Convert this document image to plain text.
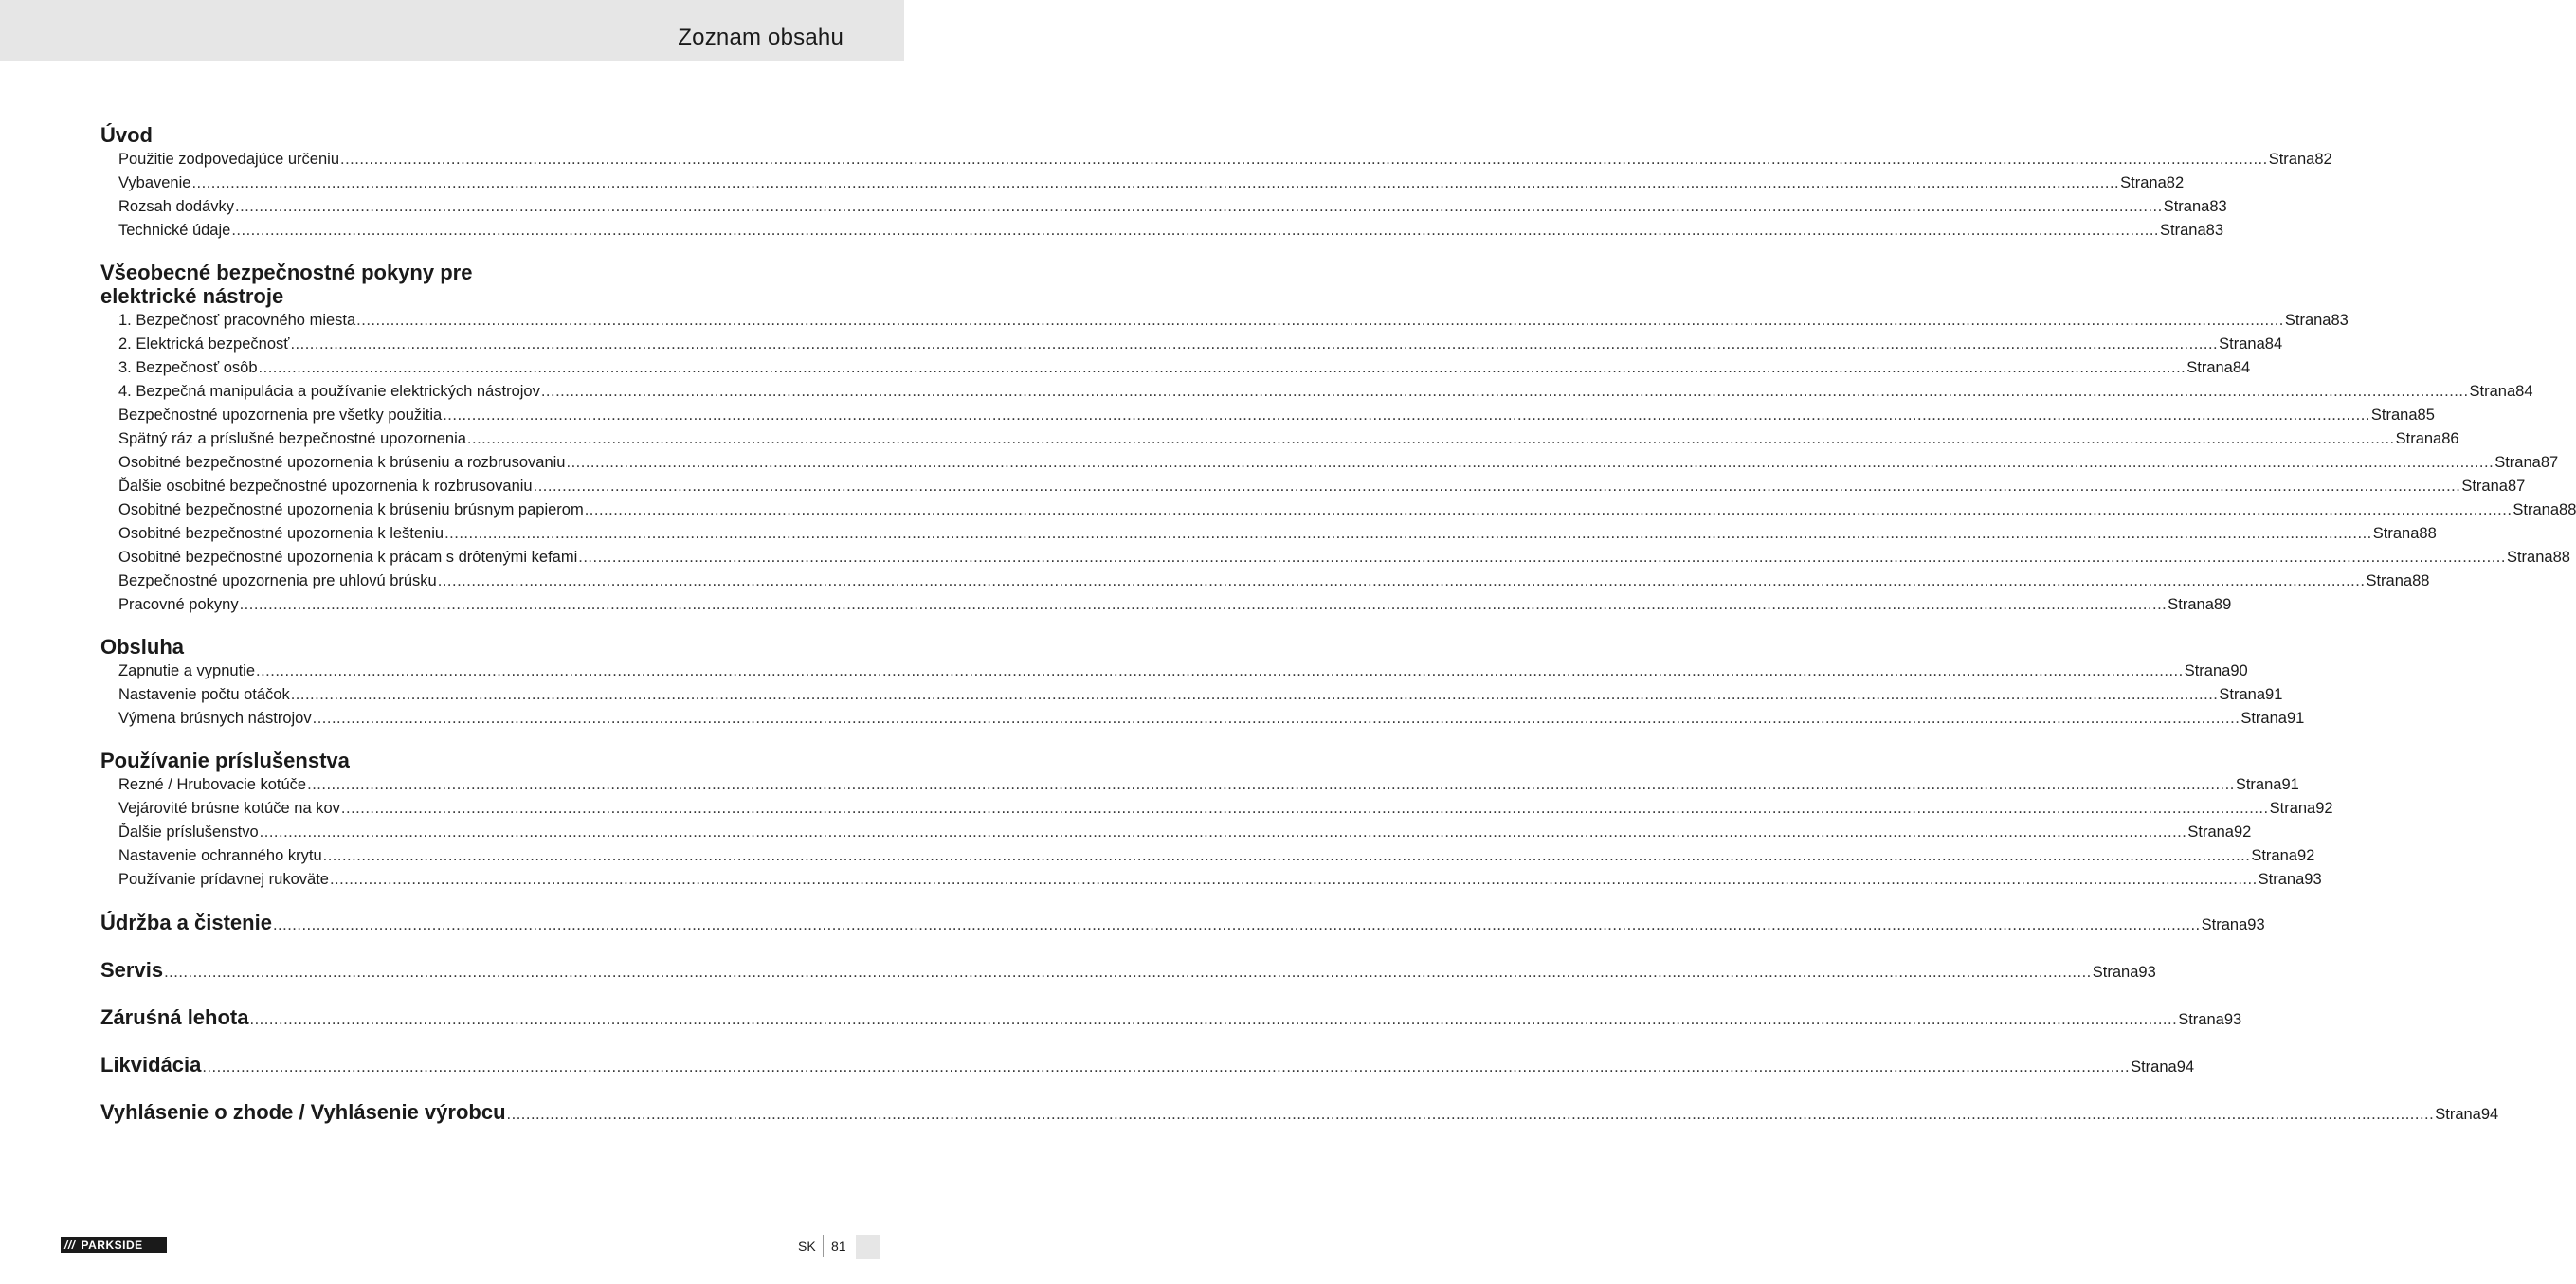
Zoznam obsahu
Úvod
Použitie zodpovedajúce určeniu ................................................................................................................................................................................................................................................................................................................................................................................................................ Strana 82
Vybavenie ................................................................................................................................................................................................................................................................................................................................................................................................................ Strana 82
Rozsah dodávky ................................................................................................................................................................................................................................................................................................................................................................................................................ Strana 83
Technické údaje ................................................................................................................................................................................................................................................................................................................................................................................................................ Strana 83
Všeobecné bezpečnostné pokyny pre
elektrické nástroje
1. Bezpečnosť pracovného miesta ................................................................................................................................................................................................................................................................................................................................................................................................................ Strana 83
2. Elektrická bezpečnosť ................................................................................................................................................................................................................................................................................................................................................................................................................ Strana 84
3. Bezpečnosť osôb ................................................................................................................................................................................................................................................................................................................................................................................................................ Strana 84
4. Bezpečná manipulácia a používanie elektrických nástrojov ................................................................................................................................................................................................................................................................................................................................................................................................................ Strana 84
Bezpečnostné upozornenia pre všetky použitia ................................................................................................................................................................................................................................................................................................................................................................................................................ Strana 85
Spätný ráz a príslušné bezpečnostné upozornenia ................................................................................................................................................................................................................................................................................................................................................................................................................ Strana 86
Osobitné bezpečnostné upozornenia k brúseniu a rozbrusovaniu ................................................................................................................................................................................................................................................................................................................................................................................................................ Strana 87
Ďalšie osobitné bezpečnostné upozornenia k rozbrusovaniu ................................................................................................................................................................................................................................................................................................................................................................................................................ Strana 87
Osobitné bezpečnostné upozornenia k brúseniu brúsnym papierom ................................................................................................................................................................................................................................................................................................................................................................................................................ Strana 88
Osobitné bezpečnostné upozornenia k lešteniu ................................................................................................................................................................................................................................................................................................................................................................................................................ Strana 88
Osobitné bezpečnostné upozornenia k prácam s drôtenými kefami ................................................................................................................................................................................................................................................................................................................................................................................................................ Strana 88
Bezpečnostné upozornenia pre uhlovú brúsku ................................................................................................................................................................................................................................................................................................................................................................................................................ Strana 88
Pracovné pokyny ................................................................................................................................................................................................................................................................................................................................................................................................................ Strana 89
Obsluha
Zapnutie a vypnutie ................................................................................................................................................................................................................................................................................................................................................................................................................ Strana 90
Nastavenie počtu otáčok ................................................................................................................................................................................................................................................................................................................................................................................................................ Strana 91
Výmena brúsnych nástrojov ................................................................................................................................................................................................................................................................................................................................................................................................................ Strana 91
Používanie príslušenstva
Rezné / Hrubovacie kotúče ................................................................................................................................................................................................................................................................................................................................................................................................................ Strana 91
Vejárovité brúsne kotúče na kov ................................................................................................................................................................................................................................................................................................................................................................................................................ Strana 92
Ďalšie príslušenstvo ................................................................................................................................................................................................................................................................................................................................................................................................................ Strana 92
Nastavenie ochranného krytu ................................................................................................................................................................................................................................................................................................................................................................................................................ Strana 92
Používanie prídavnej rukoväte ................................................................................................................................................................................................................................................................................................................................................................................................................ Strana 93
Údržba a čistenie ................................................................................................................................................................................................................................................................................................................................................................................................................ Strana 93
Servis ................................................................................................................................................................................................................................................................................................................................................................................................................ Strana 93
Záruśná lehota ................................................................................................................................................................................................................................................................................................................................................................................................................ Strana 93
Likvidácia ................................................................................................................................................................................................................................................................................................................................................................................................................ Strana 94
Vyhlásenie o zhode / Vyhlásenie výrobcu ................................................................................................................................................................................................................................................................................................................................................................................................................ Strana 94
/// PARKSIDE	SK 81
